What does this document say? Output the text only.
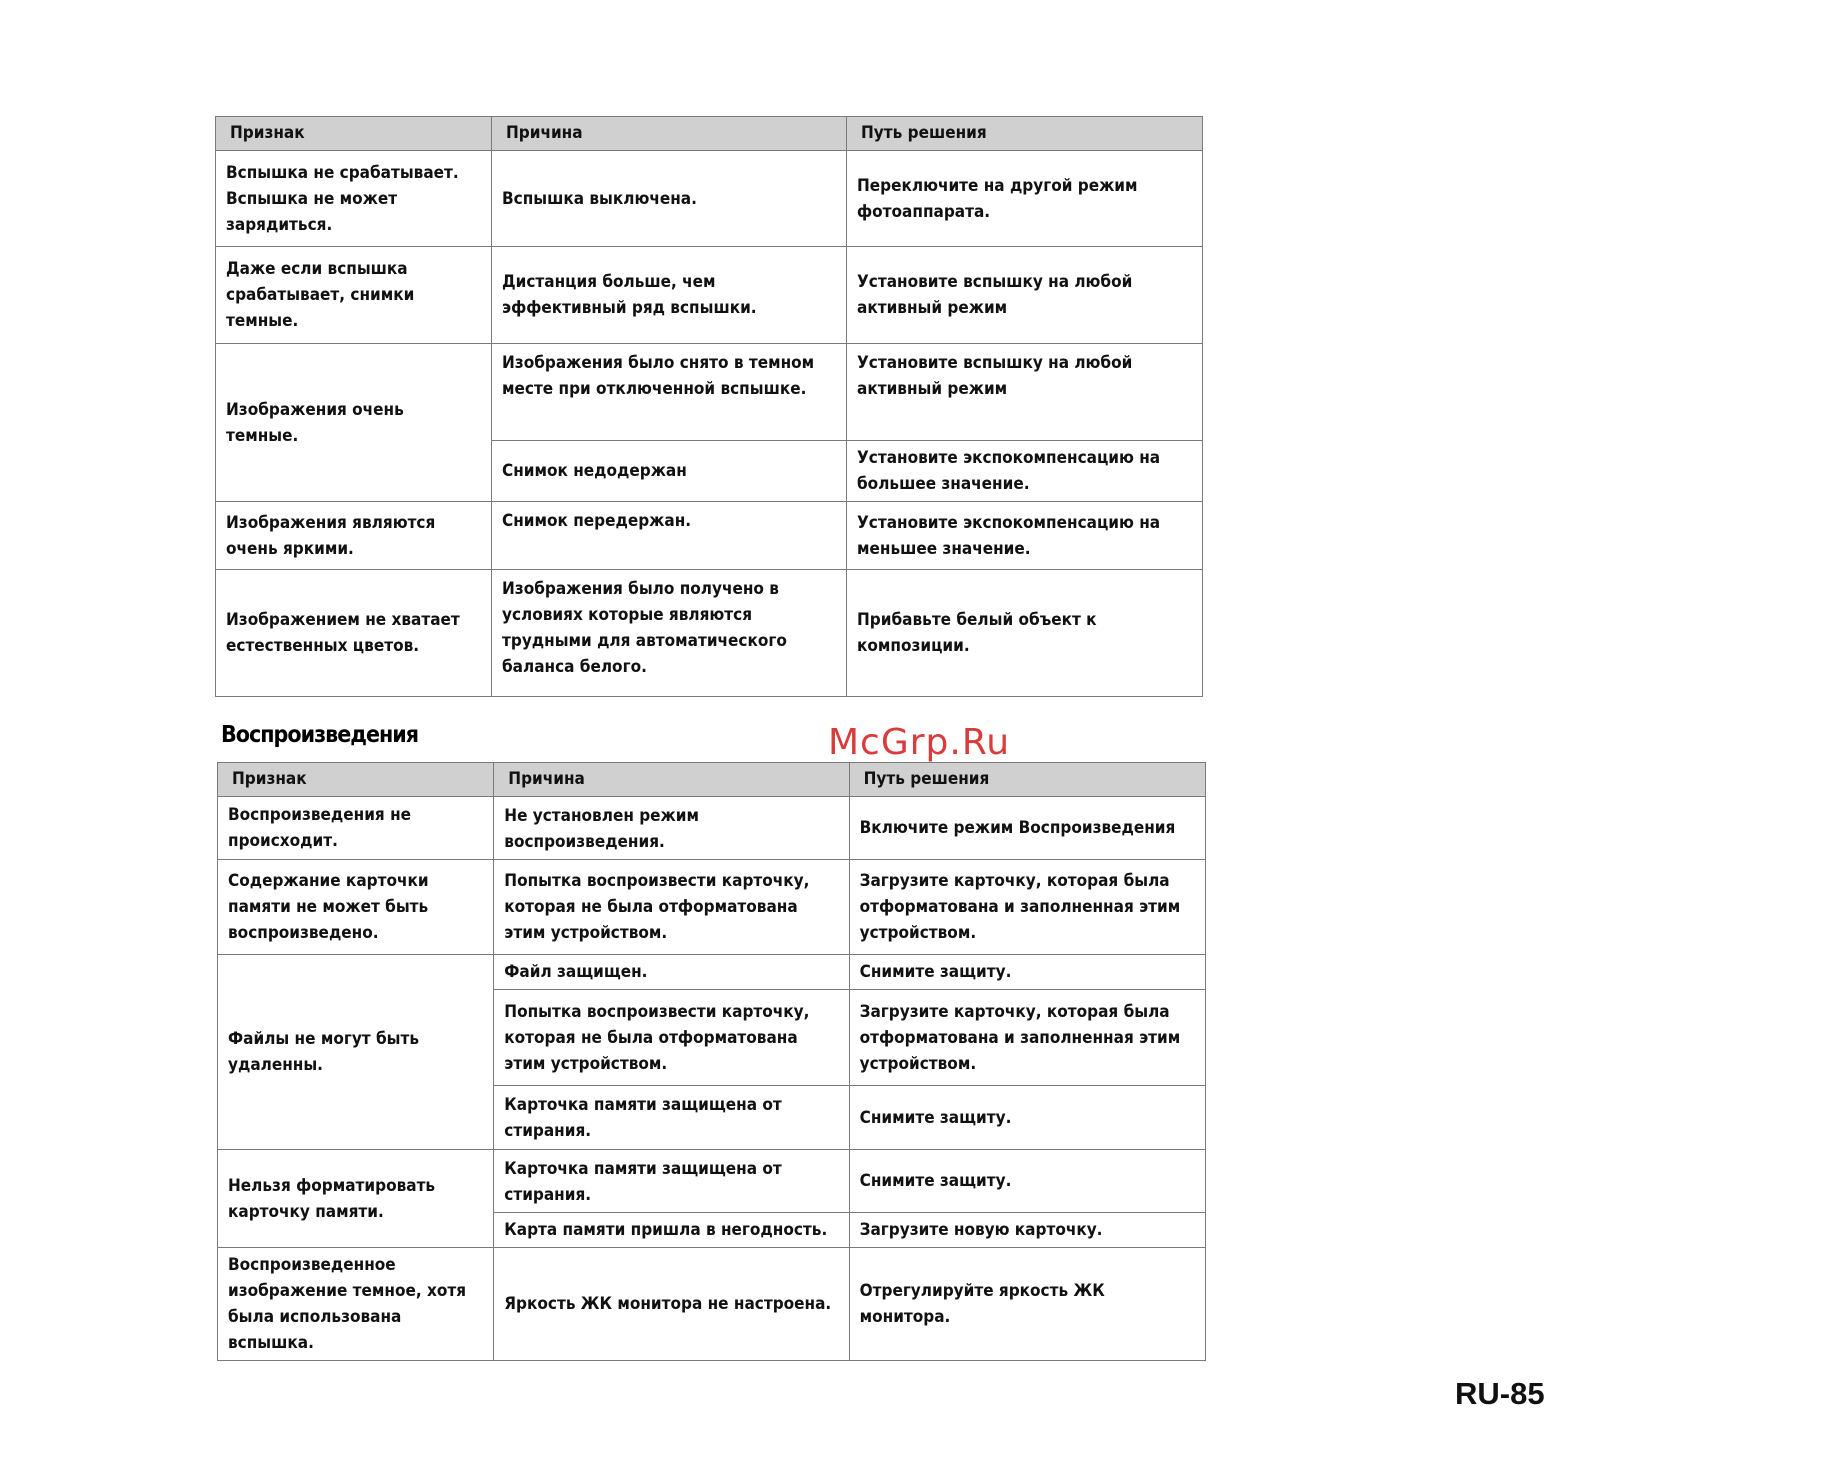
Признак	Причина	Путь решения
Вспышка не срабатывает. Вспышка не может зарядиться.	Вспышка выключена.	Переключите на другой режим фотоаппарата.
Даже если вспышка срабатывает, снимки темные.	Дистанция больше, чем эффективный ряд вспышки.	Установите вспышку на любой активный режим
Изображения очень темные.	Изображения было снято в темном месте при отключенной вспышке.	Установите вспышку на любой активный режим
	Снимок недодержан	Установите экспокомпенсацию на большее значение.
Изображения являются очень яркими.	Снимок передержан.	Установите экспокомпенсацию на меньшее значение.
Изображением не хватает естественных цветов.	Изображения было получено в условиях которые являются трудными для автоматического баланса белого.	Прибавьте белый объект к композиции.
Воспроизведения	McGrp.Ru
Признак	Причина	Путь решения
Воспроизведения не происходит.	Не установлен режим воспроизведения.	Включите режим Воспроизведения
Содержание карточки памяти не может быть воспроизведено.	Попытка воспроизвести карточку, которая не была отформатована этим устройством.	Загрузите карточку, которая была отформатована и заполненная этим устройством.
Файлы не могут быть удаленны.	Файл защищен.	Снимите защиту.
	Попытка воспроизвести карточку, которая не была отформатована этим устройством.	Загрузите карточку, которая была отформатована и заполненная этим устройством.
	Карточка памяти защищена от стирания.	Снимите защиту.
Нельзя форматировать карточку памяти.	Карточка памяти защищена от стирания.	Снимите защиту.
	Карта памяти пришла в негодность.	Загрузите новую карточку.
Воспроизведенное изображение темное, хотя была использована вспышка.	Яркость ЖК монитора не настроена.	Отрегулируйте яркость ЖК монитора.
RU-85
